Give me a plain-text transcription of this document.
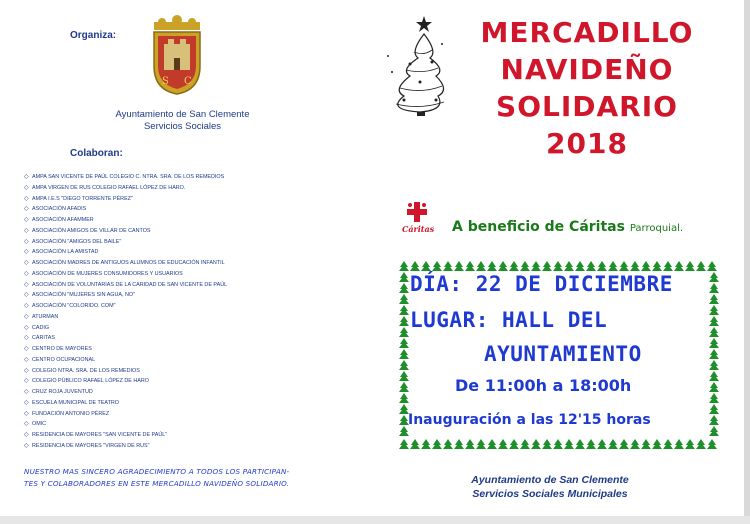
Organiza:
S C
Ayuntamiento de San Clemente
Servicios Sociales
Colaboran:
◇ AMPA SAN VICENTE DE PAÚL COLEGIO C. NTRA. SRA. DE LOS REMEDIOS
◇ AMPA VIRGEN DE RUS COLEGIO RAFAEL LÓPEZ DE HARO.
◇ AMPA I.E.S "DIEGO TORRENTE PÉREZ"
◇ ASOCIACIÓN AFADIS
◇ ASOCIACIÓN AFAMMER
◇ ASOCIACIÓN AMIGOS DE VILLAR DE CANTOS
◇ ASOCIACIÓN "AMIGOS DEL BAILE"
◇ ASOCIACIÓN LA AMISTAD
◇ ASOCIACIÓN MADRES DE ANTIGUOS ALUMNOS DE EDUCACIÓN INFANTIL
◇ ASOCIACIÓN DE MUJERES CONSUMIDORES Y USUARIOS
◇ ASOCIACIÓN DE VOLUNTARIAS DE LA CARIDAD DE SAN VICENTE DE PAÚL
◇ ASOCIACIÓN "MUJERES SIN AGUA, NO"
◇ ASOCIACIÓN "COLORIDO. COM"
◇ ATURMAN
◇ CADIG
◇ CÁRITAS
◇ CENTRO DE MAYORES
◇ CENTRO OCUPACIONAL
◇ COLEGIO NTRA. SRA. DE LOS REMEDIOS
◇ COLEGIO PÚBLICO RAFAEL LÓPEZ DE HARO
◇ CRUZ ROJA JUVENTUD
◇ ESCUELA MUNICIPAL DE TEATRO
◇ FUNDACIÓN ANTONIO PÉREZ
◇ OMIC
◇ RESIDENCIA DE MAYORES "SAN VICENTE DE PAÚL"
◇ RESIDENCIA DE MAYORES "VIRGEN DE RUS"
NUESTRO MAS SINCERO AGRADECIMIENTO A TODOS LOS PARTICIPAN-
TES Y COLABORADORES EN ESTE MERCADILLO NAVIDEÑO SOLIDARIO.
MERCADILLO
NAVIDEÑO
SOLIDARIO
2018
Cáritas A beneficio de Cáritas Parroquial.
DÍA: 22 DE DICIEMBRE
LUGAR: HALL DEL
AYUNTAMIENTO
De 11:00h a 18:00h
Inauguración a las 12'15 horas
Ayuntamiento de San Clemente
Servicios Sociales Municipales
